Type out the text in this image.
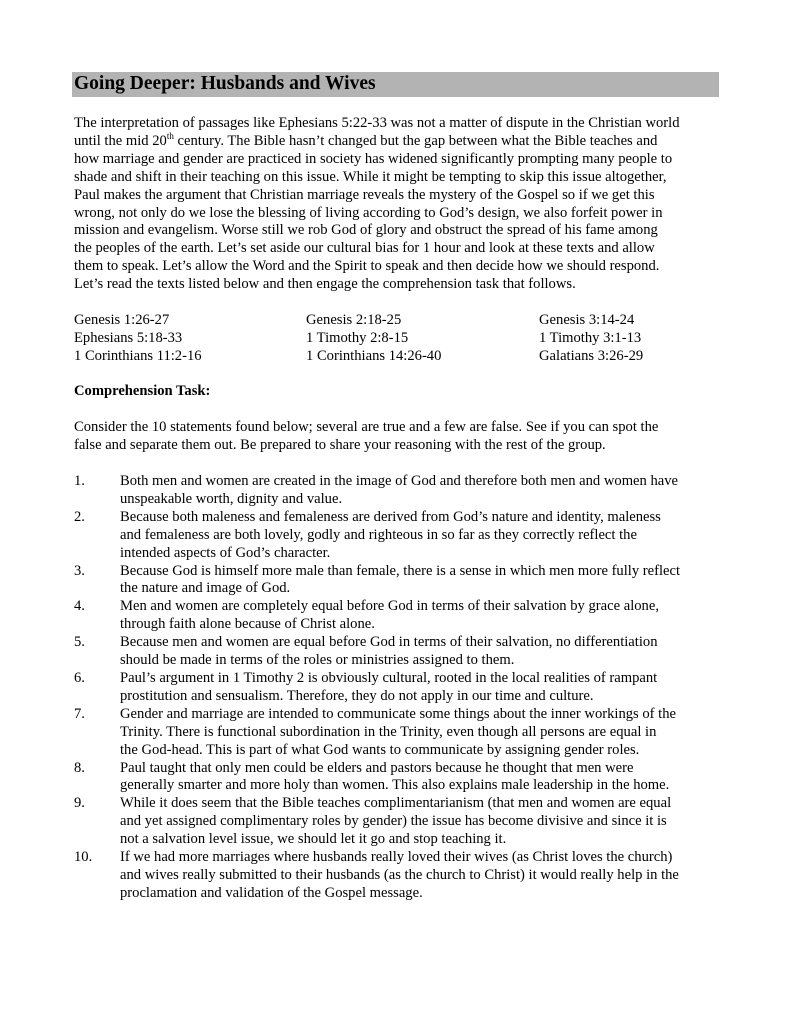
Going Deeper: Husbands and Wives
The interpretation of passages like Ephesians 5:22-33 was not a matter of dispute in the Christian world
until the mid 20th century. The Bible hasn’t changed but the gap between what the Bible teaches and
how marriage and gender are practiced in society has widened significantly prompting many people to
shade and shift in their teaching on this issue. While it might be tempting to skip this issue altogether,
Paul makes the argument that Christian marriage reveals the mystery of the Gospel so if we get this
wrong, not only do we lose the blessing of living according to God’s design, we also forfeit power in
mission and evangelism. Worse still we rob God of glory and obstruct the spread of his fame among
the peoples of the earth. Let’s set aside our cultural bias for 1 hour and look at these texts and allow
them to speak. Let’s allow the Word and the Spirit to speak and then decide how we should respond.
Let’s read the texts listed below and then engage the comprehension task that follows.
Genesis 1:26-27	Genesis 2:18-25	Genesis 3:14-24
Ephesians 5:18-33	1 Timothy 2:8-15	1 Timothy 3:1-13
1 Corinthians 11:2-16	1 Corinthians 14:26-40	Galatians 3:26-29
Comprehension Task:
Consider the 10 statements found below; several are true and a few are false. See if you can spot the
false and separate them out. Be prepared to share your reasoning with the rest of the group.
1. Both men and women are created in the image of God and therefore both men and women have
unspeakable worth, dignity and value.
2. Because both maleness and femaleness are derived from God’s nature and identity, maleness
and femaleness are both lovely, godly and righteous in so far as they correctly reflect the
intended aspects of God’s character.
3. Because God is himself more male than female, there is a sense in which men more fully reflect
the nature and image of God.
4. Men and women are completely equal before God in terms of their salvation by grace alone,
through faith alone because of Christ alone.
5. Because men and women are equal before God in terms of their salvation, no differentiation
should be made in terms of the roles or ministries assigned to them.
6. Paul’s argument in 1 Timothy 2 is obviously cultural, rooted in the local realities of rampant
prostitution and sensualism. Therefore, they do not apply in our time and culture.
7. Gender and marriage are intended to communicate some things about the inner workings of the
Trinity. There is functional subordination in the Trinity, even though all persons are equal in
the God-head. This is part of what God wants to communicate by assigning gender roles.
8. Paul taught that only men could be elders and pastors because he thought that men were
generally smarter and more holy than women. This also explains male leadership in the home.
9. While it does seem that the Bible teaches complimentarianism (that men and women are equal
and yet assigned complimentary roles by gender) the issue has become divisive and since it is
not a salvation level issue, we should let it go and stop teaching it.
10. If we had more marriages where husbands really loved their wives (as Christ loves the church)
and wives really submitted to their husbands (as the church to Christ) it would really help in the
proclamation and validation of the Gospel message.
